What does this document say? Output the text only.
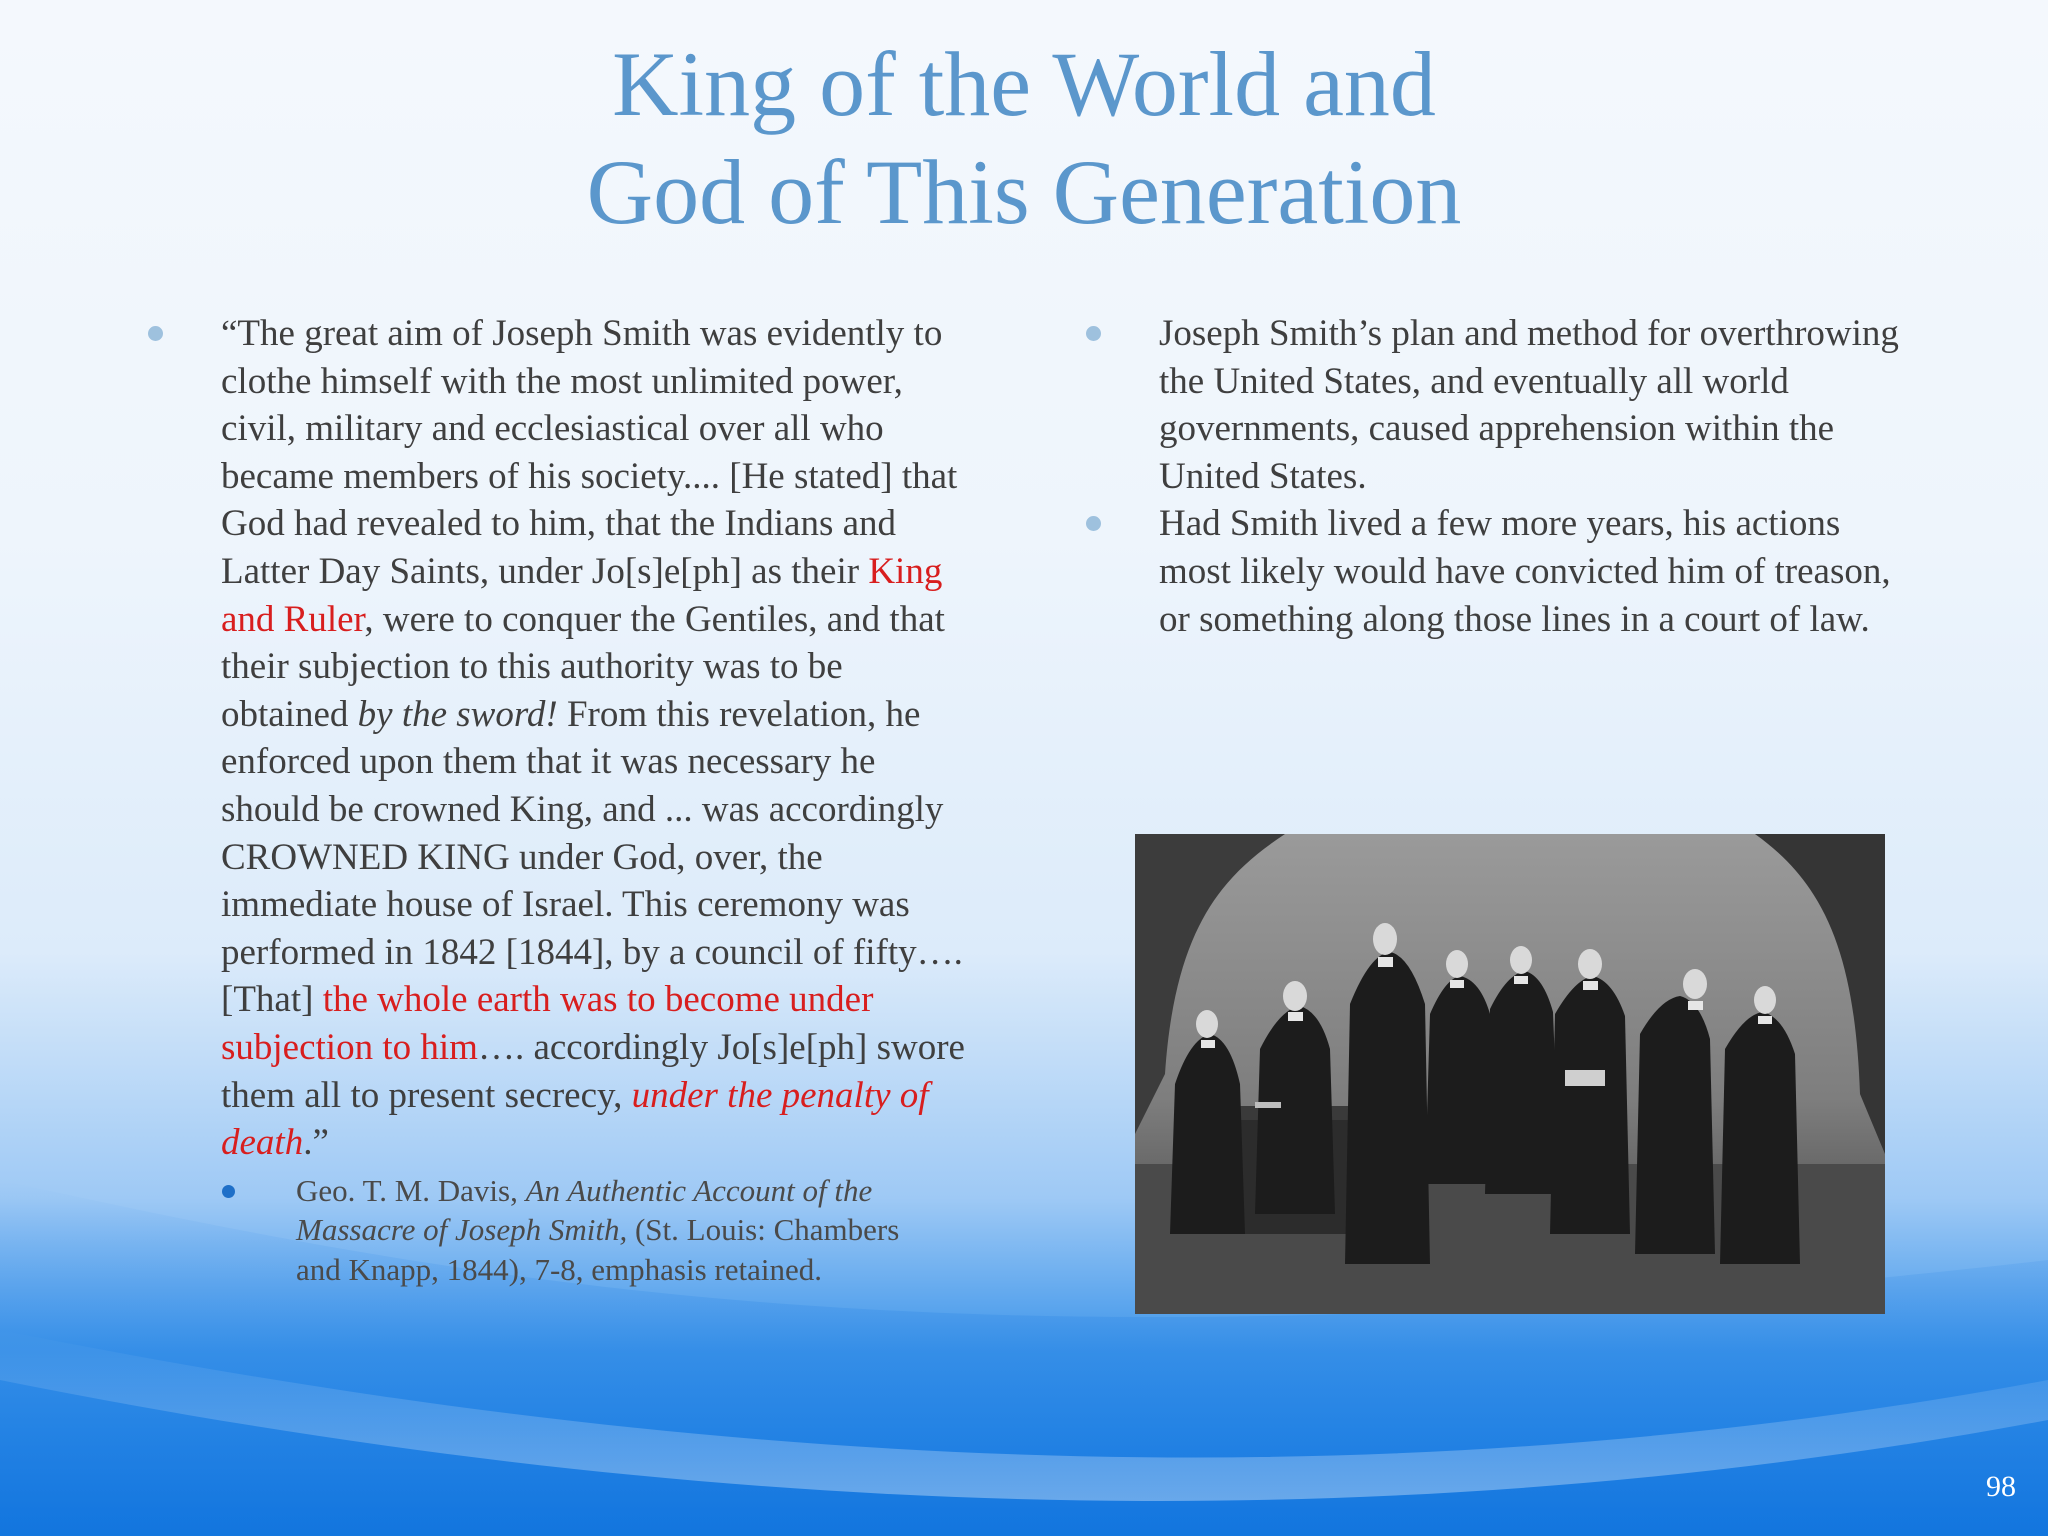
King of the World and
God of This Generation
“The great aim of Joseph Smith was evidently to clothe himself with the most unlimited power, civil, military and ecclesiastical over all who became members of his society.... [He stated] that God had revealed to him, that the Indians and Latter Day Saints, under Jo[s]e[ph] as their King and Ruler, were to conquer the Gentiles, and that their subjection to this authority was to be obtained by the sword! From this revelation, he enforced upon them that it was necessary he should be crowned King, and ... was accordingly CROWNED KING under God, over, the immediate house of Israel. This ceremony was performed in 1842 [1844], by a council of fifty…. [That] the whole earth was to become under subjection to him…. accordingly Jo[s]e[ph] swore them all to present secrecy, under the penalty of death.”
Geo. T. M. Davis, An Authentic Account of the Massacre of Joseph Smith, (St. Louis: Chambers and Knapp, 1844), 7-8, emphasis retained.
Joseph Smith’s plan and method for overthrowing the United States, and eventually all world governments, caused apprehension within the United States.
Had Smith lived a few more years, his actions most likely would have convicted him of treason, or something along those lines in a court of law.
98
